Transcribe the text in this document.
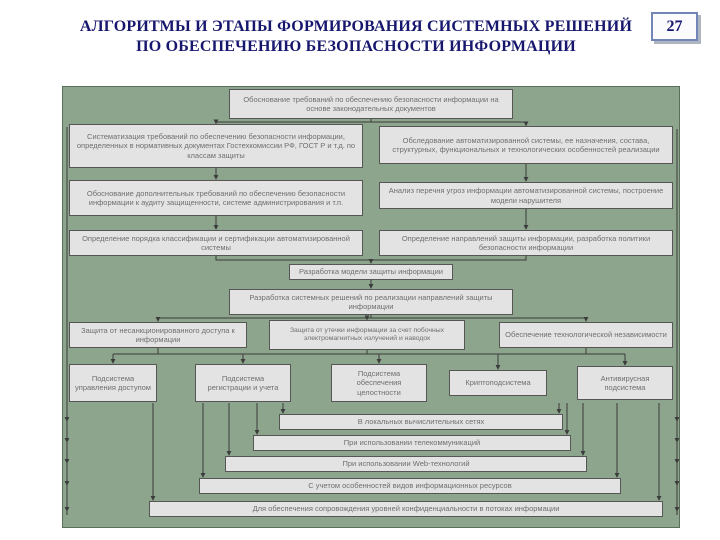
АЛГОРИТМЫ И ЭТАПЫ ФОРМИРОВАНИЯ СИСТЕМНЫХ РЕШЕНИЙ
ПО ОБЕСПЕЧЕНИЮ БЕЗОПАСНОСТИ ИНФОРМАЦИИ
27
Обоснование требований по обеспечению безопасности информации на основе законодательных документов
Систематизация требований по обеспечению безопасности информации, определенных в нормативных документах Гостехкомиссии РФ, ГОСТ Р и т.д. по классам защиты
Обоснование дополнительных требований по обеспечению безопасности информации к аудиту защищенности, системе администрирования и т.п.
Определение порядка классификации и сертификации автоматизированной системы
Обследование автоматизированной системы, ее назначения, состава, структурных, функциональных и технологических особенностей реализации
Анализ перечня угроз информации автоматизированной системы, построение модели нарушителя
Определение направлений защиты информации, разработка политики безопасности информации
Разработка модели защиты информации
Разработка системных решений по реализации направлений защиты информации
Защита от несанкционированного доступа к информации
Защита от утечки информации за счет побочных электромагнитных излучений и наводок	Обеспечение технологической независимости
Подсистема управления доступом
Подсистема регистрации и учета
Подсистема обеспечения целостности
Криптоподсистема
Антивирусная подсистема
В локальных вычислительных сетях
При использовании телекоммуникаций
При использовании Web-технологий
С учетом особенностей видов информационных ресурсов
Для обеспечения сопровождения уровней конфиденциальности в потоках информации
